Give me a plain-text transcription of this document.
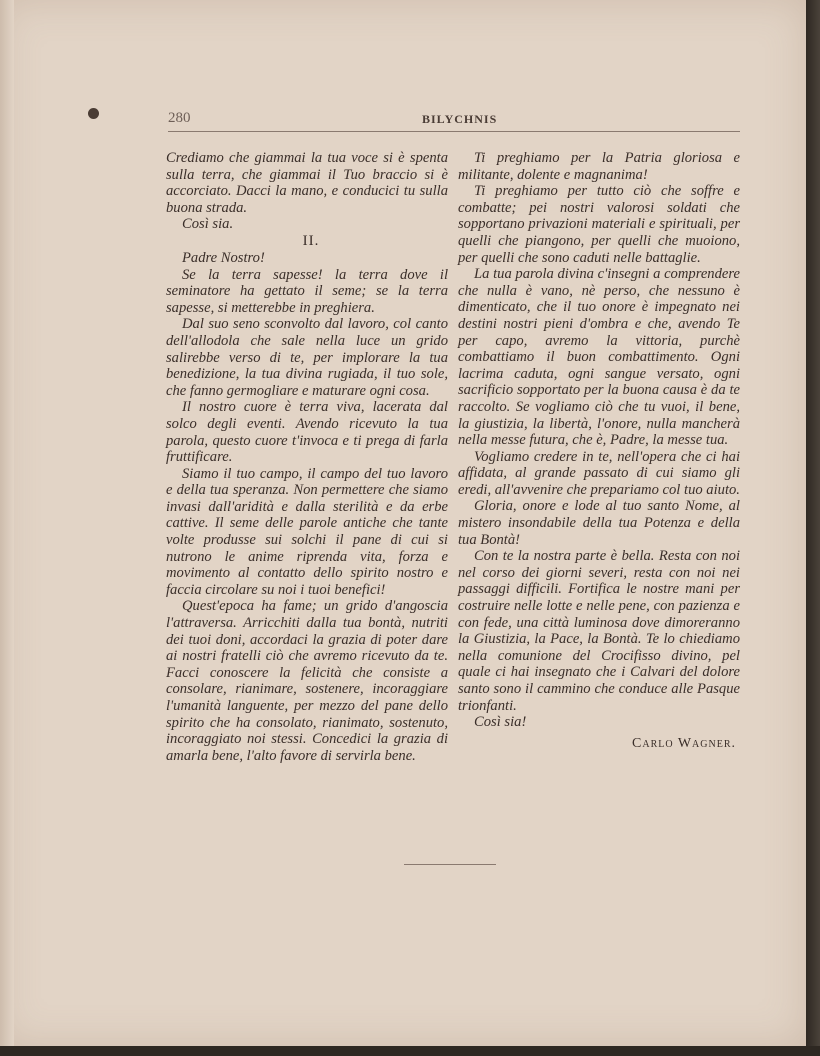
280	BILYCHNIS

Crediamo che giammai la tua voce si è spenta sulla terra, che giammai il Tuo braccio si è accorciato. Dacci la mano, e conducici tu sulla buona strada.

Così sia.

II.

Padre Nostro!

Se la terra sapesse! la terra dove il seminatore ha gettato il seme; se la terra sapesse, si metterebbe in preghiera.

Dal suo seno sconvolto dal lavoro, col canto dell'allodola che sale nella luce un grido salirebbe verso di te, per implorare la tua benedizione, la tua divina rugiada, il tuo sole, che fanno germogliare e maturare ogni cosa.

Il nostro cuore è terra viva, lacerata dal solco degli eventi. Avendo ricevuto la tua parola, questo cuore t'invoca e ti prega di farla fruttificare.

Siamo il tuo campo, il campo del tuo lavoro e della tua speranza. Non permettere che siamo invasi dall'aridità e dalla sterilità e da erbe cattive. Il seme delle parole antiche che tante volte produsse sui solchi il pane di cui si nutrono le anime riprenda vita, forza e movimento al contatto dello spirito nostro e faccia circolare su noi i tuoi benefici!

Quest'epoca ha fame; un grido d'angoscia l'attraversa. Arricchiti dalla tua bontà, nutriti dei tuoi doni, accordaci la grazia di poter dare ai nostri fratelli ciò che avremo ricevuto da te. Facci conoscere la felicità che consiste a consolare, rianimare, sostenere, incoraggiare l'umanità languente, per mezzo del pane dello spirito che ha consolato, rianimato, sostenuto, incoraggiato noi stessi. Concedici la grazia di amarla bene, l'alto favore di servirla bene.

Ti preghiamo per la Patria gloriosa e militante, dolente e magnanima!

Ti preghiamo per tutto ciò che soffre e combatte; pei nostri valorosi soldati che sopportano privazioni materiali e spirituali, per quelli che piangono, per quelli che muoiono, per quelli che sono caduti nelle battaglie.

La tua parola divina c'insegni a comprendere che nulla è vano, nè perso, che nessuno è dimenticato, che il tuo onore è impegnato nei destini nostri pieni d'ombra e che, avendo Te per capo, avremo la vittoria, purchè combattiamo il buon combattimento. Ogni lacrima caduta, ogni sangue versato, ogni sacrificio sopportato per la buona causa è da te raccolto. Se vogliamo ciò che tu vuoi, il bene, la giustizia, la libertà, l'onore, nulla mancherà nella messe futura, che è, Padre, la messe tua.

Vogliamo credere in te, nell'opera che ci hai affidata, al grande passato di cui siamo gli eredi, all'avvenire che prepariamo col tuo aiuto.

Gloria, onore e lode al tuo santo Nome, al mistero insondabile della tua Potenza e della tua Bontà!

Con te la nostra parte è bella. Resta con noi nel corso dei giorni severi, resta con noi nei passaggi difficili. Fortifica le nostre mani per costruire nelle lotte e nelle pene, con pazienza e con fede, una città luminosa dove dimoreranno la Giustizia, la Pace, la Bontà. Te lo chiediamo nella comunione del Crocifisso divino, pel quale ci hai insegnato che i Calvari del dolore santo sono il cammino che conduce alle Pasque trionfanti.

Così sia!

Carlo Wagner.
